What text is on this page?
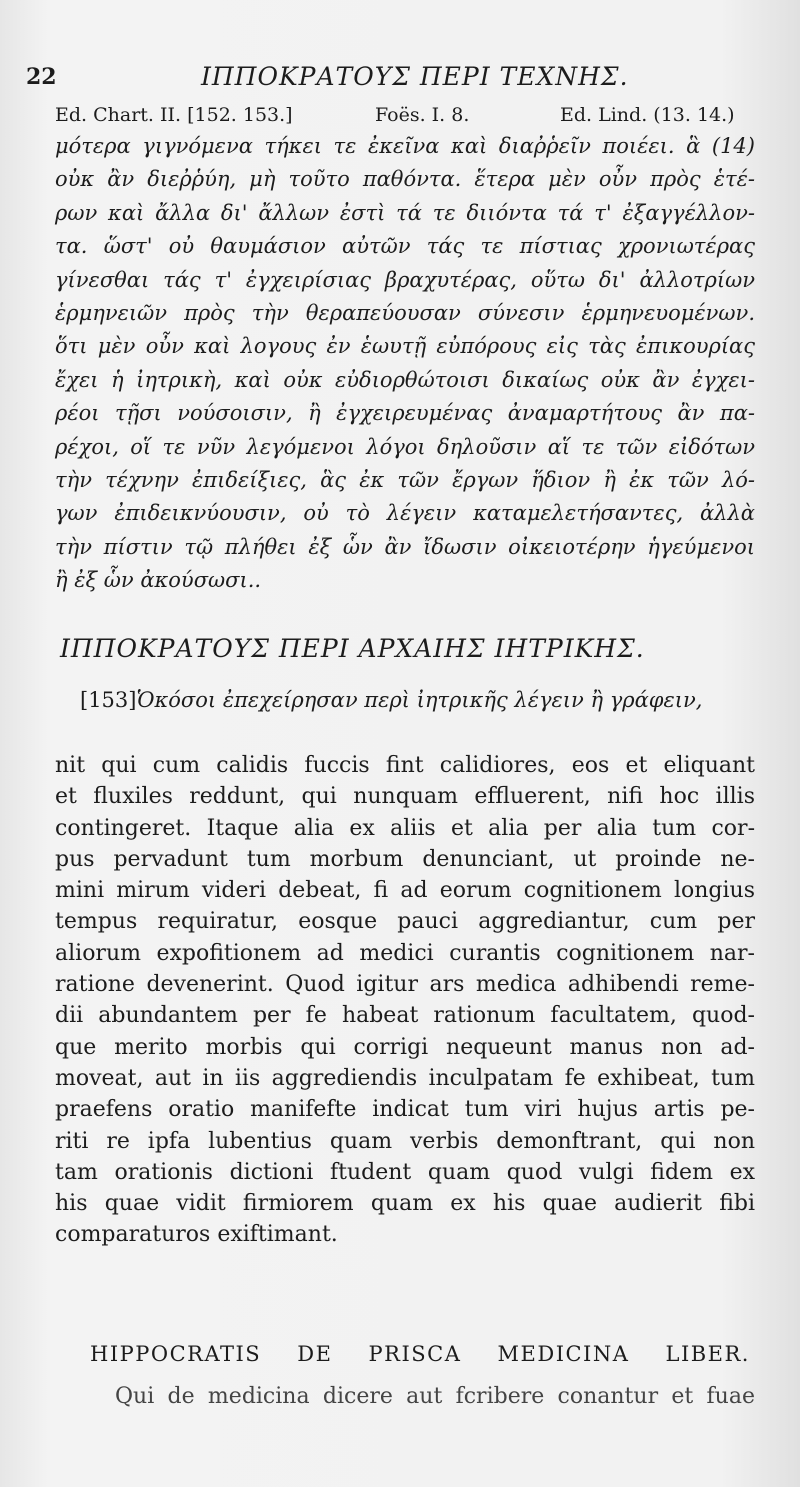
22	ΙΠΠΟΚΡΑΤΟΥΣ ΠΕΡΙ ΤΕΧΝΗΣ.
Ed. Chart. II. [152. 153.]	Foës. I. 8.	Ed. Lind. (13. 14.)
μότερα γιγνόμενα τήκει τε ἐκεῖνα καὶ διαῤῥεῖν ποιέει. ἃ (14)
οὐκ ἂν διεῤῥύη, μὴ τοῦτο παθόντα. ἕτερα μὲν οὖν πρὸς ἑτέ-
ρων καὶ ἄλλα δι' ἄλλων ἐστὶ τά τε διιόντα τά τ' ἐξαγγέλλον-
τα. ὥστ' οὐ θαυμάσιον αὐτῶν τάς τε πίστιας χρονιωτέρας
γίνεσθαι τάς τ' ἐγχειρίσιας βραχυτέρας, οὕτω δι' ἀλλοτρίων
ἑρμηνειῶν πρὸς τὴν θεραπεύουσαν σύνεσιν ἑρμηνευομένων.
ὅτι μὲν οὖν καὶ λογους ἐν ἑωυτῇ εὐπόρους εἰς τὰς ἐπικουρίας
ἔχει ἡ ἰητρικὴ, καὶ οὐκ εὐδιορθώτοισι δικαίως οὐκ ἂν ἐγχει-
ρέοι τῇσι νούσοισιν, ἢ ἐγχειρευμένας ἀναμαρτήτους ἂν πα-
ρέχοι, οἵ τε νῦν λεγόμενοι λόγοι δηλοῦσιν αἵ τε τῶν εἰδότων
τὴν τέχνην ἐπιδείξιες, ἃς ἐκ τῶν ἔργων ἥδιον ἢ ἐκ τῶν λό-
γων ἐπιδεικνύουσιν, οὐ τὸ λέγειν καταμελετήσαντες, ἀλλὰ
τὴν πίστιν τῷ πλήθει ἐξ ὧν ἂν ἴδωσιν οἰκειοτέρην ἡγεύμενοι
ἢ ἐξ ὧν ἀκούσωσι..
ΙΠΠΟΚΡΑΤΟΥΣ ΠΕΡΙ ΑΡΧΑΙΗΣ ΙΗΤΡΙΚΗΣ.
[153]Ὁκόσοι ἐπεχείρησαν περὶ ἰητρικῆς λέγειν ἢ γράφειν,
nit qui cum calidis fuccis fint calidiores, eos et eliquant
et fluxiles reddunt, qui nunquam effluerent, nifi hoc illis
contingeret. Itaque alia ex aliis et alia per alia tum cor-
pus pervadunt tum morbum denunciant, ut proinde ne-
mini mirum videri debeat, fi ad eorum cognitionem longius
tempus requiratur, eosque pauci aggrediantur, cum per
aliorum expofitionem ad medici curantis cognitionem nar-
ratione devenerint. Quod igitur ars medica adhibendi reme-
dii abundantem per fe habeat rationum facultatem, quod-
que merito morbis qui corrigi nequeunt manus non ad-
moveat, aut in iis aggrediendis inculpatam fe exhibeat, tum
praefens oratio manifefte indicat tum viri hujus artis pe-
riti re ipfa lubentius quam verbis demonftrant, qui non
tam orationis dictioni ftudent quam quod vulgi fidem ex
his quae vidit firmiorem quam ex his quae audierit fibi
comparaturos exiftimant.
HIPPOCRATIS DE PRISCA MEDICINA LIBER.
Qui de medicina dicere aut fcribere conantur et fuae
